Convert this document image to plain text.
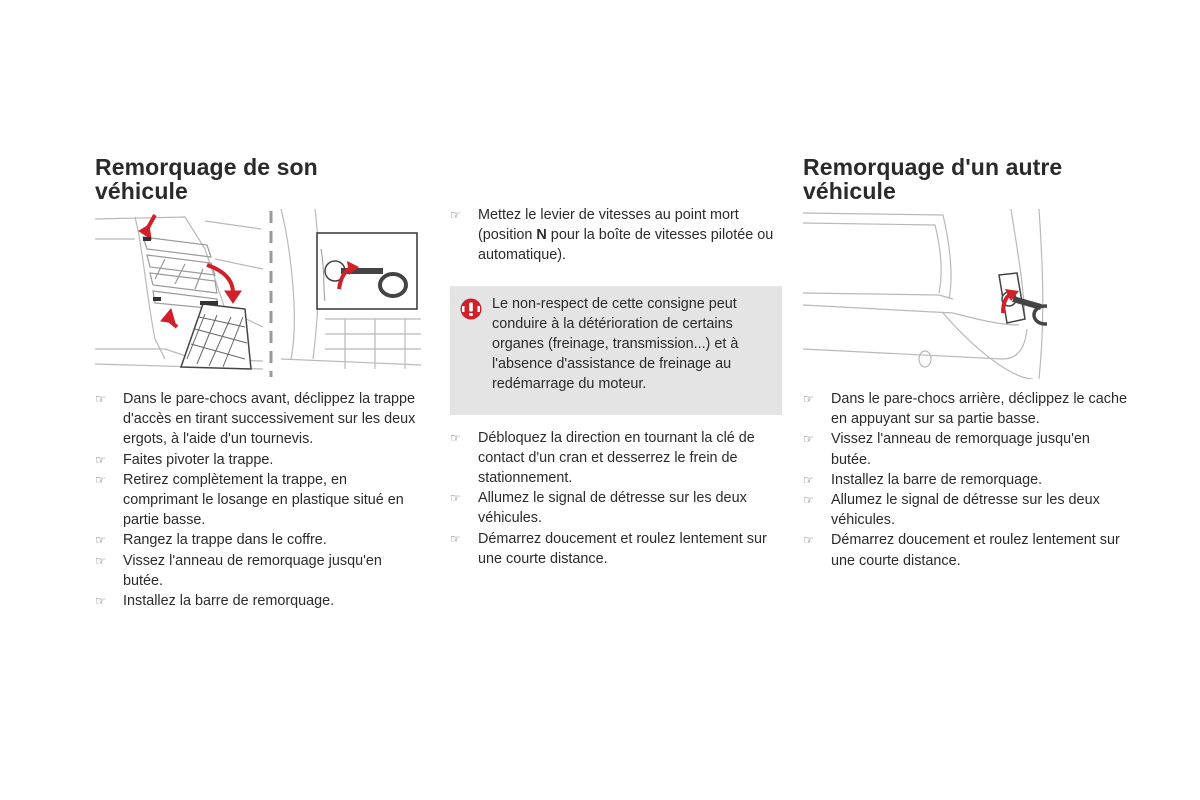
Remorquage de son
véhicule
☞ Dans le pare-chocs avant, déclippez la trappe d'accès en tirant successivement sur les deux ergots, à l'aide d'un tournevis.
☞ Faites pivoter la trappe.
☞ Retirez complètement la trappe, en comprimant le losange en plastique situé en partie basse.
☞ Rangez la trappe dans le coffre.
☞ Vissez l'anneau de remorquage jusqu'en butée.
☞ Installez la barre de remorquage.
☞ Mettez le levier de vitesses au point mort (position N pour la boîte de vitesses pilotée ou automatique).
Le non-respect de cette consigne peut conduire à la détérioration de certains organes (freinage, transmission...) et à l'absence d'assistance de freinage au redémarrage du moteur.
☞ Débloquez la direction en tournant la clé de contact d'un cran et desserrez le frein de stationnement.
☞ Allumez le signal de détresse sur les deux véhicules.
☞ Démarrez doucement et roulez lentement sur une courte distance.
Remorquage d'un autre
véhicule
☞ Dans le pare-chocs arrière, déclippez le cache en appuyant sur sa partie basse.
☞ Vissez l'anneau de remorquage jusqu'en butée.
☞ Installez la barre de remorquage.
☞ Allumez le signal de détresse sur les deux véhicules.
☞ Démarrez doucement et roulez lentement sur une courte distance.
